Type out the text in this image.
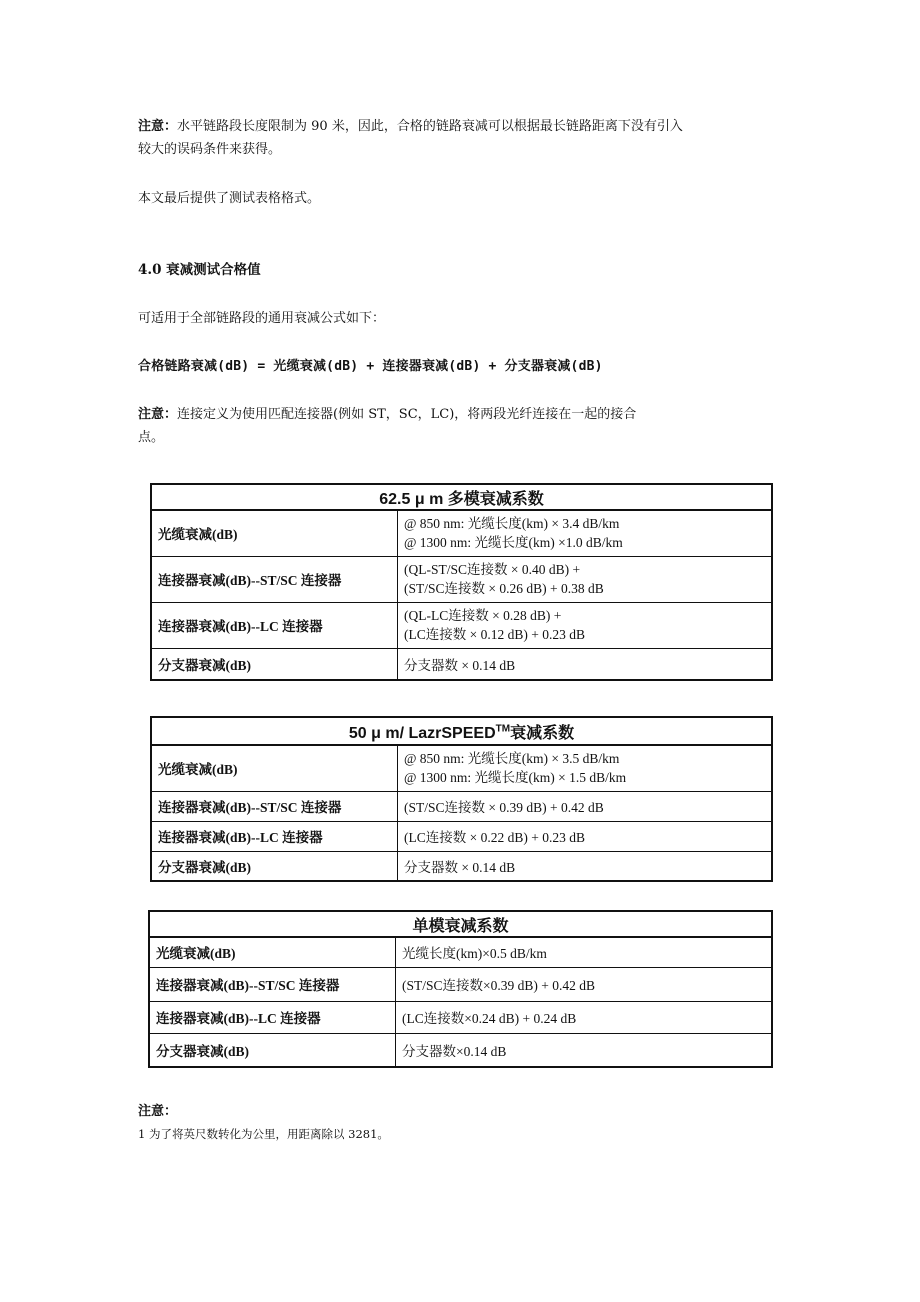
注意：水平链路段长度限制为 90 米，因此，合格的链路衰减可以根据最长链路距离下没有引入
较大的误码条件来获得。
本文最后提供了测试表格格式。
4.0 衰减测试合格值
可适用于全部链路段的通用衰减公式如下：
合格链路衰减(dB) = 光缆衰减(dB) + 连接器衰减(dB) + 分支器衰减(dB)
注意：连接定义为使用匹配连接器(例如 ST，SC，LC)，将两段光纤连接在一起的接合
点。
62.5 μ m 多模衰减系数	
光缆衰减(dB)	@ 850 nm: 光缆长度(km) × 3.4 dB/km
@ 1300 nm: 光缆长度(km) ×1.0 dB/km

连接器衰减(dB)--ST/SC 连接器	(QL-ST/SC连接数 × 0.40 dB) +
(ST/SC连接数 × 0.26 dB) + 0.38 dB

连接器衰减(dB)--LC 连接器	(QL-LC连接数 × 0.28 dB) +
(LC连接数 × 0.12 dB) + 0.23 dB

分支器衰减(dB)	分支器数 × 0.14 dB
50 μ m/ LazrSPEED™衰减系数	
光缆衰减(dB)	@ 850 nm: 光缆长度(km) × 3.5 dB/km
@ 1300 nm: 光缆长度(km) × 1.5 dB/km

连接器衰减(dB)--ST/SC 连接器	(ST/SC连接数 × 0.39 dB) + 0.42 dB
连接器衰减(dB)--LC 连接器	(LC连接数 × 0.22 dB) + 0.23 dB
分支器衰减(dB)	分支器数 × 0.14 dB
单模衰减系数	
光缆衰减(dB)	光缆长度(km)×0.5 dB/km
连接器衰减(dB)--ST/SC 连接器	(ST/SC连接数×0.39 dB) + 0.42 dB
连接器衰减(dB)--LC 连接器	(LC连接数×0.24 dB) + 0.24 dB
分支器衰减(dB)	分支器数×0.14 dB
注意：
1 为了将英尺数转化为公里，用距离除以 3281。
